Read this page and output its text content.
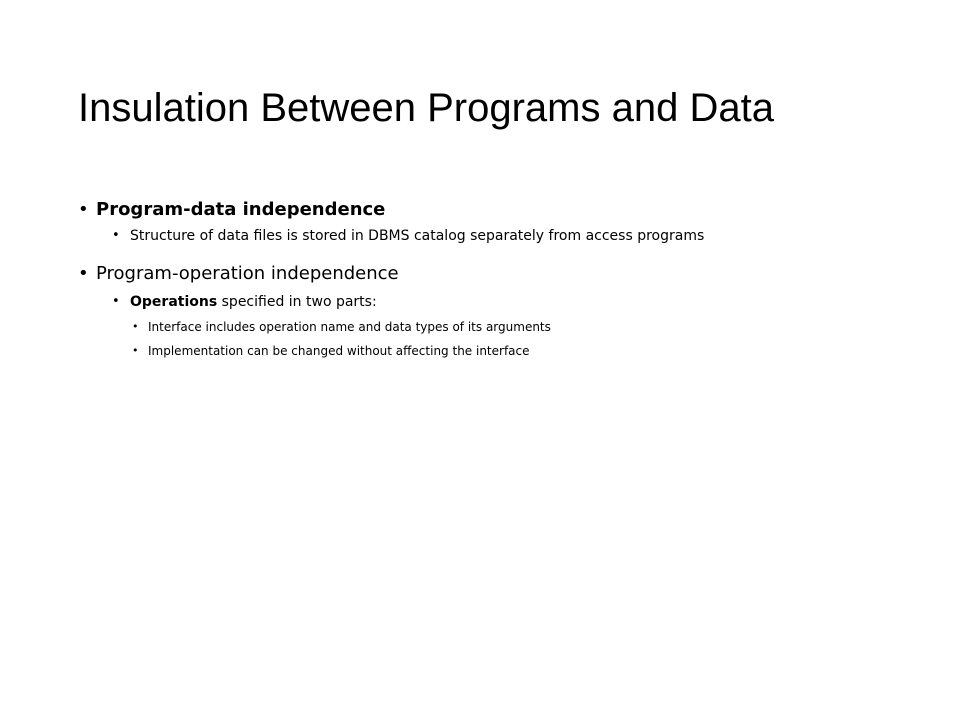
Insulation Between Programs and Data
• Program-data independence
• Structure of data files is stored in DBMS catalog separately from access programs
• Program-operation independence
• Operations specified in two parts:
• Interface includes operation name and data types of its arguments
• Implementation can be changed without affecting the interface
